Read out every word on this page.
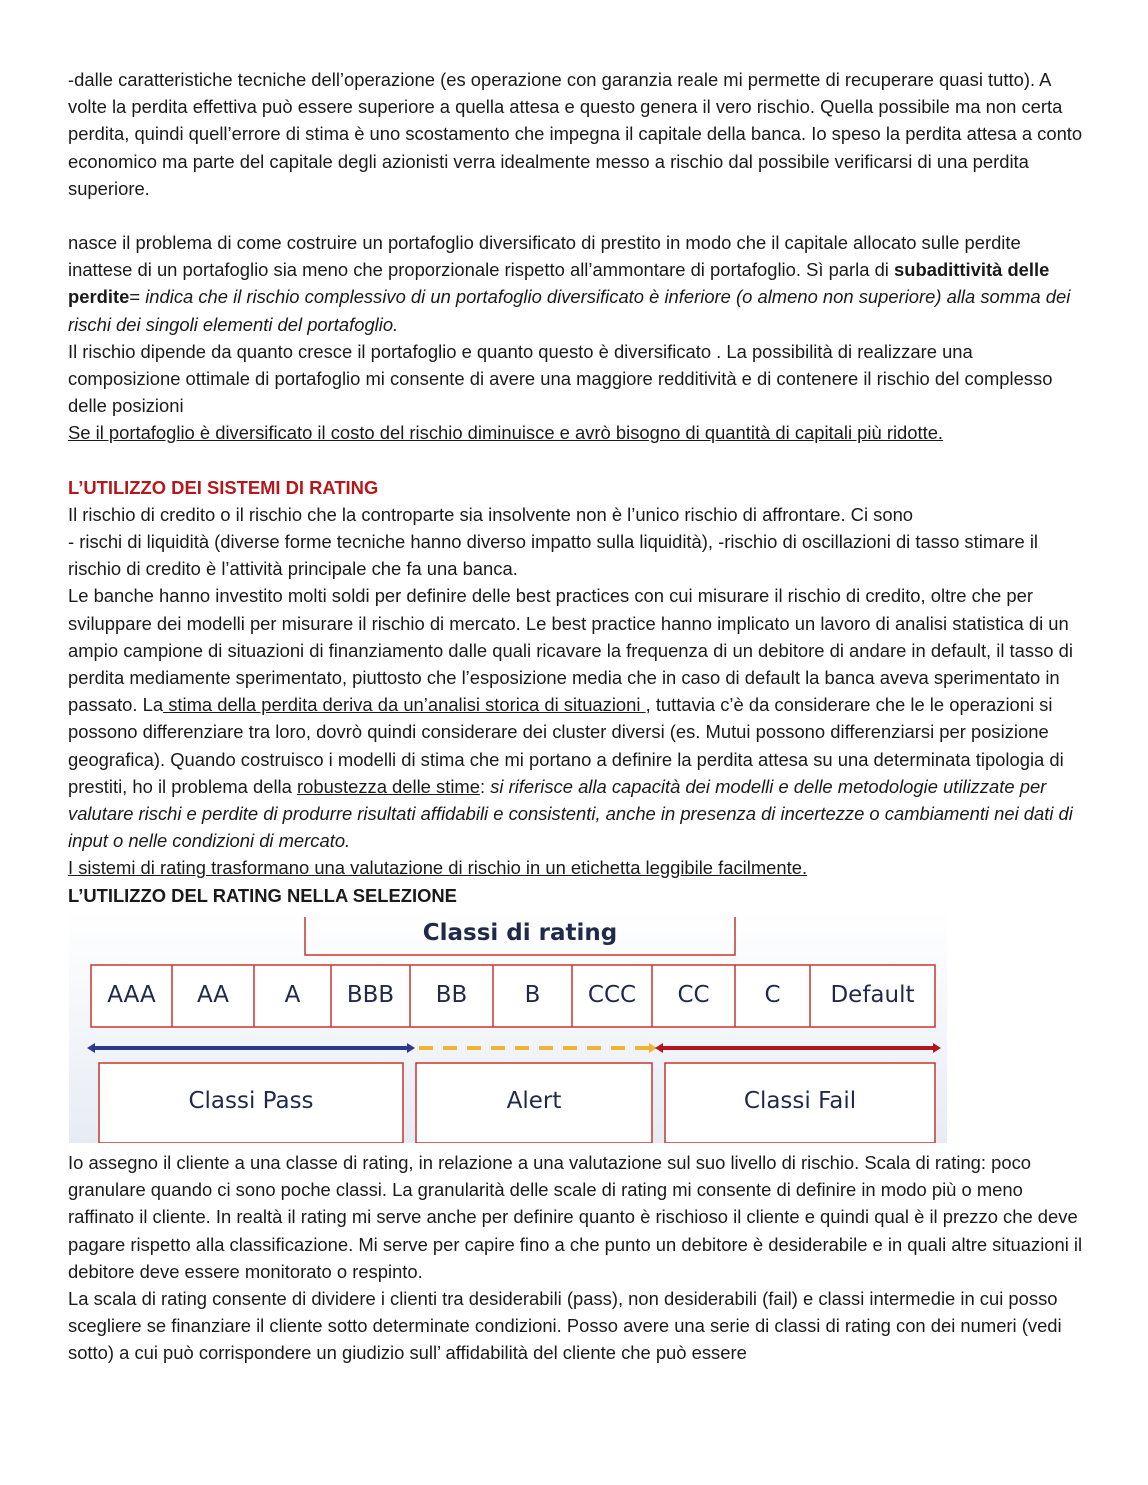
-dalle caratteristiche tecniche dell’operazione (es operazione con garanzia reale mi permette di recuperare quasi tutto). A volte la perdita effettiva può essere superiore a quella attesa e questo genera il vero rischio. Quella possibile ma non certa perdita, quindi quell’errore di stima è uno scostamento che impegna il capitale della banca. Io speso la perdita attesa a conto economico ma parte del capitale degli azionisti verra idealmente messo a rischio dal possibile verificarsi di una perdita superiore.

nasce il problema di come costruire un portafoglio diversificato di prestito in modo che il capitale allocato sulle perdite inattese di un portafoglio sia meno che proporzionale rispetto all’ammontare di portafoglio. Sì parla di subadittività delle perdite= indica che il rischio complessivo di un portafoglio diversificato è inferiore (o almeno non superiore) alla somma dei rischi dei singoli elementi del portafoglio.

Il rischio dipende da quanto cresce il portafoglio e quanto questo è diversificato . La possibilità di realizzare una composizione ottimale di portafoglio mi consente di avere una maggiore redditività e di contenere il rischio del complesso delle posizioni

Se il portafoglio è diversificato il costo del rischio diminuisce e avrò bisogno di quantità di capitali più ridotte.

L’UTILIZZO DEI SISTEMI DI RATING

Il rischio di credito o il rischio che la controparte sia insolvente non è l’unico rischio di affrontare. Ci sono

- rischi di liquidità (diverse forme tecniche hanno diverso impatto sulla liquidità), -rischio di oscillazioni di tasso stimare il rischio di credito è l’attività principale che fa una banca.

Le banche hanno investito molti soldi per definire delle best practices con cui misurare il rischio di credito, oltre che per sviluppare dei modelli per misurare il rischio di mercato. Le best practice hanno implicato un lavoro di analisi statistica di un ampio campione di situazioni di finanziamento dalle quali ricavare la frequenza di un debitore di andare in default, il tasso di perdita mediamente sperimentato, piuttosto che l’esposizione media che in caso di default la banca aveva sperimentato in passato. La stima della perdita deriva da un’analisi storica di situazioni , tuttavia c’è da considerare che le le operazioni si possono differenziare tra loro, dovrò quindi considerare dei cluster diversi (es. Mutui possono differenziarsi per posizione geografica). Quando costruisco i modelli di stima che mi portano a definire la perdita attesa su una determinata tipologia di prestiti, ho il problema della robustezza delle stime: si riferisce alla capacità dei modelli e delle metodologie utilizzate per valutare rischi e perdite di produrre risultati affidabili e consistenti, anche in presenza di incertezze o cambiamenti nei dati di input o nelle condizioni di mercato.

I sistemi di rating trasformano una valutazione di rischio in un etichetta leggibile facilmente.

L’UTILIZZO DEL RATING NELLA SELEZIONE

Classi di rating
AAA	AA	A	BBB	BB	B	CCC	CC	C	Default
Classi Pass	Alert	Classi Fail

Io assegno il cliente a una classe di rating, in relazione a una valutazione sul suo livello di rischio. Scala di rating: poco granulare quando ci sono poche classi. La granularità delle scale di rating mi consente di definire in modo più o meno raffinato il cliente. In realtà il rating mi serve anche per definire quanto è rischioso il cliente e quindi qual è il prezzo che deve pagare rispetto alla classificazione. Mi serve per capire fino a che punto un debitore è desiderabile e in quali altre situazioni il debitore deve essere monitorato o respinto.

La scala di rating consente di dividere i clienti tra desiderabili (pass), non desiderabili (fail) e classi intermedie in cui posso scegliere se finanziare il cliente sotto determinate condizioni. Posso avere una serie di classi di rating con dei numeri (vedi sotto) a cui può corrispondere un giudizio sull’ affidabilità del cliente che può essere
